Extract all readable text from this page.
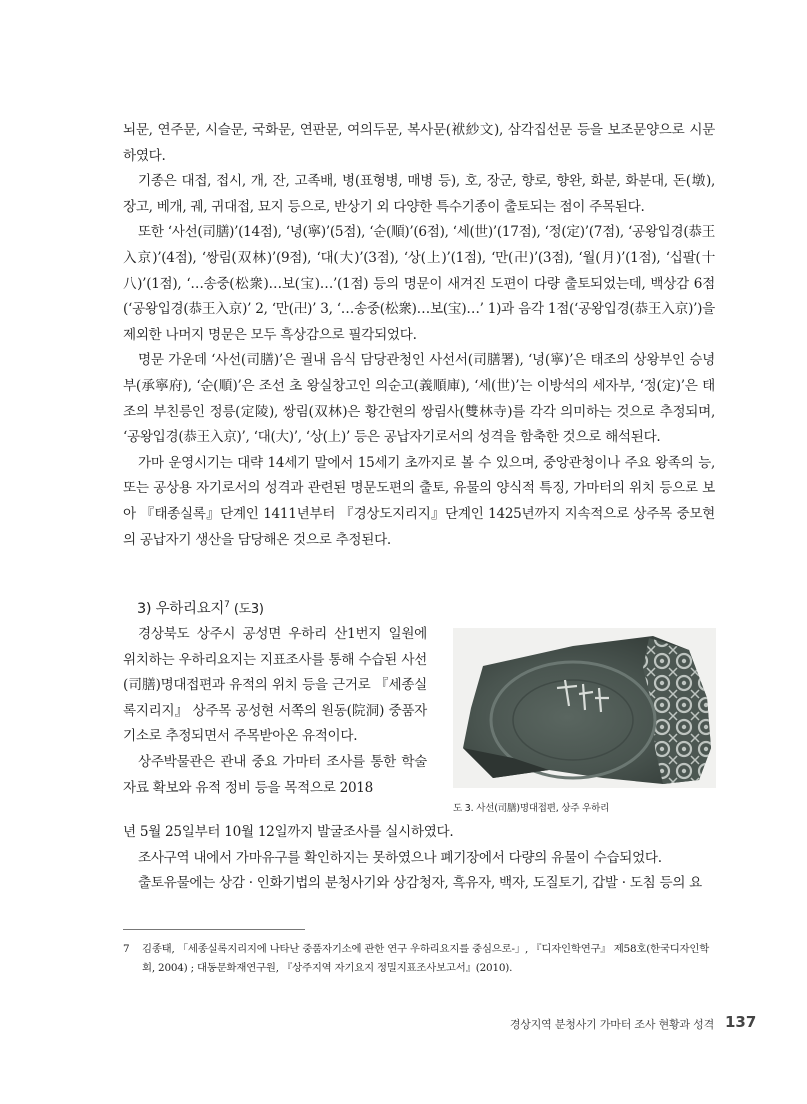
뇌문, 연주문, 시슬문, 국화문, 연판문, 여의두문, 복사문(袱紗文), 삼각집선문 등을 보조문양으로 시문하였다.

기종은 대접, 접시, 개, 잔, 고족배, 병(표형병, 매병 등), 호, 장군, 향로, 향완, 화분, 화분대, 돈(墩), 장고, 베개, 궤, 귀대접, 묘지 등으로, 반상기 외 다양한 특수기종이 출토되는 점이 주목된다.

또한 ‘사선(司膳)’(14점), ‘녕(寧)’(5점), ‘순(順)’(6점), ‘세(世)’(17점), ‘정(定)’(7점), ‘공왕입경(恭王入京)’(4점), ‘쌍림(双林)’(9점), ‘대(大)’(3점), ‘상(上)’(1점), ‘만(卍)’(3점), ‘월(月)’(1점), ‘십팔(十八)’(1점), ‘…송중(松衆)…보(宝)…’(1점) 등의 명문이 새겨진 도편이 다량 출토되었는데, 백상감 6점(‘공왕입경(恭王入京)’ 2, ‘만(卍)’ 3, ‘…송중(松衆)…보(宝)…’ 1)과 음각 1점(‘공왕입경(恭王入京)’)을 제외한 나머지 명문은 모두 흑상감으로 필각되었다.

명문 가운데 ‘사선(司膳)’은 궐내 음식 담당관청인 사선서(司膳署), ‘녕(寧)’은 태조의 상왕부인 승녕부(承寧府), ‘순(順)’은 조선 초 왕실창고인 의순고(義順庫), ‘세(世)’는 이방석의 세자부, ‘정(定)’은 태조의 부친릉인 정릉(定陵), 쌍림(双林)은 황간현의 쌍림사(雙林寺)를 각각 의미하는 것으로 추정되며, ‘공왕입경(恭王入京)’, ‘대(大)’, ‘상(上)’ 등은 공납자기로서의 성격을 함축한 것으로 해석된다.

가마 운영시기는 대략 14세기 말에서 15세기 초까지로 볼 수 있으며, 중앙관청이나 주요 왕족의 능, 또는 공상용 자기로서의 성격과 관련된 명문도편의 출토, 유물의 양식적 특징, 가마터의 위치 등으로 보아 『태종실록』단계인 1411년부터 『경상도지리지』단계인 1425년까지 지속적으로 상주목 중모현의 공납자기 생산을 담당해온 것으로 추정된다.

3) 우하리요지$^7$ (도3)

경상북도 상주시 공성면 우하리 산1번지 일원에 위치하는 우하리요지는 지표조사를 통해 수습된 사선(司膳)명대접편과 유적의 위치 등을 근거로 『세종실록지리지』 상주목 공성현 서쪽의 원동(院洞) 중품자기소로 추정되면서 주목받아온 유적이다.

상주박물관은 관내 중요 가마터 조사를 통한 학술자료 확보와 유적 정비 등을 목적으로 2018

도 3. 사선(司膳)명대접편, 상주 우하리

년 5월 25일부터 10월 12일까지 발굴조사를 실시하였다.

조사구역 내에서 가마유구를 확인하지는 못하였으나 폐기장에서 다량의 유물이 수습되었다.

출토유물에는 상감 · 인화기법의 분청사기와 상감청자, 흑유자, 백자, 도질토기, 갑발 · 도침 등의 요

7 김종태, 「세종실록지리지에 나타난 중품자기소에 관한 연구 우하리요지를 중심으로-」, 『디자인학연구』 제58호(한국디자인학회, 2004) ; 대동문화재연구원, 『상주지역 자기요지 정밀지표조사보고서』(2010).
경상지역 분청사기 가마터 조사 현황과 성격 137
